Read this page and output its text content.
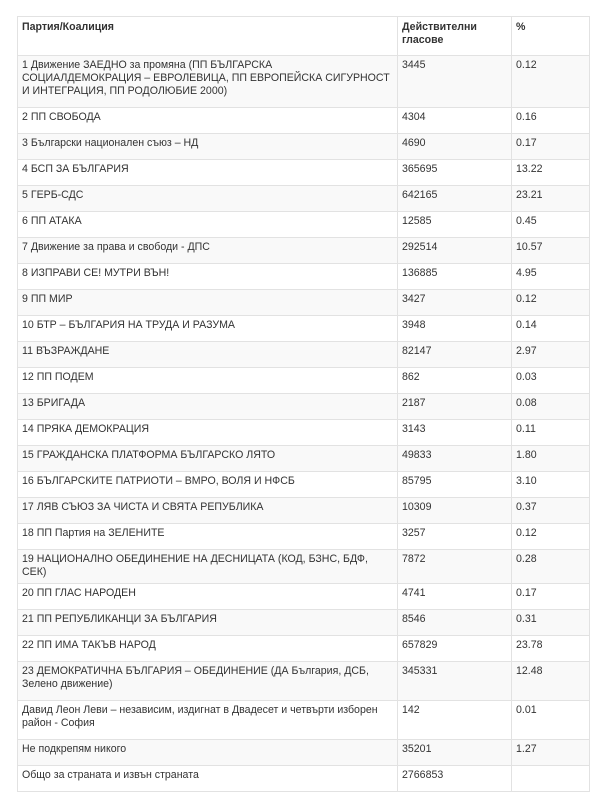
Партия/Коалиция	Действителни гласове	%
1 Движение ЗАЕДНО за промяна (ПП БЪЛГАРСКА СОЦИАЛДЕМОКРАЦИЯ – ЕВРОЛЕВИЦА, ПП ЕВРОПЕЙСКА СИГУРНОСТ И ИНТЕГРАЦИЯ, ПП РОДОЛЮБИЕ 2000)	3445	0.12
2 ПП СВОБОДА	4304	0.16
3 Български национален съюз – НД	4690	0.17
4 БСП ЗА БЪЛГАРИЯ	365695	13.22
5 ГЕРБ-СДС	642165	23.21
6 ПП АТАКА	12585	0.45
7 Движение за права и свободи - ДПС	292514	10.57
8 ИЗПРАВИ СЕ! МУТРИ ВЪН!	136885	4.95
9 ПП МИР	3427	0.12
10 БТР – БЪЛГАРИЯ НА ТРУДА И РАЗУМА	3948	0.14
11 ВЪЗРАЖДАНЕ	82147	2.97
12 ПП ПОДЕМ	862	0.03
13 БРИГАДА	2187	0.08
14 ПРЯКА ДЕМОКРАЦИЯ	3143	0.11
15 ГРАЖДАНСКА ПЛАТФОРМА БЪЛГАРСКО ЛЯТО	49833	1.80
16 БЪЛГАРСКИТЕ ПАТРИОТИ – ВМРО, ВОЛЯ И НФСБ	85795	3.10
17 ЛЯВ СЪЮЗ ЗА ЧИСТА И СВЯТА РЕПУБЛИКА	10309	0.37
18 ПП Партия на ЗЕЛЕНИТЕ	3257	0.12
19 НАЦИОНАЛНО ОБЕДИНЕНИЕ НА ДЕСНИЦАТА (КОД, БЗНС, БДФ, СЕК)	7872	0.28
20 ПП ГЛАС НАРОДЕН	4741	0.17
21 ПП РЕПУБЛИКАНЦИ ЗА БЪЛГАРИЯ	8546	0.31
22 ПП ИМА ТАКЪВ НАРОД	657829	23.78
23 ДЕМОКРАТИЧНА БЪЛГАРИЯ – ОБЕДИНЕНИЕ (ДА България, ДСБ, Зелено движение)	345331	12.48
Давид Леон Леви – независим, издигнат в Двадесет и четвърти изборен район - София	142	0.01
Не подкрепям никого	35201	1.27
Общо за страната и извън страната	2766853	
